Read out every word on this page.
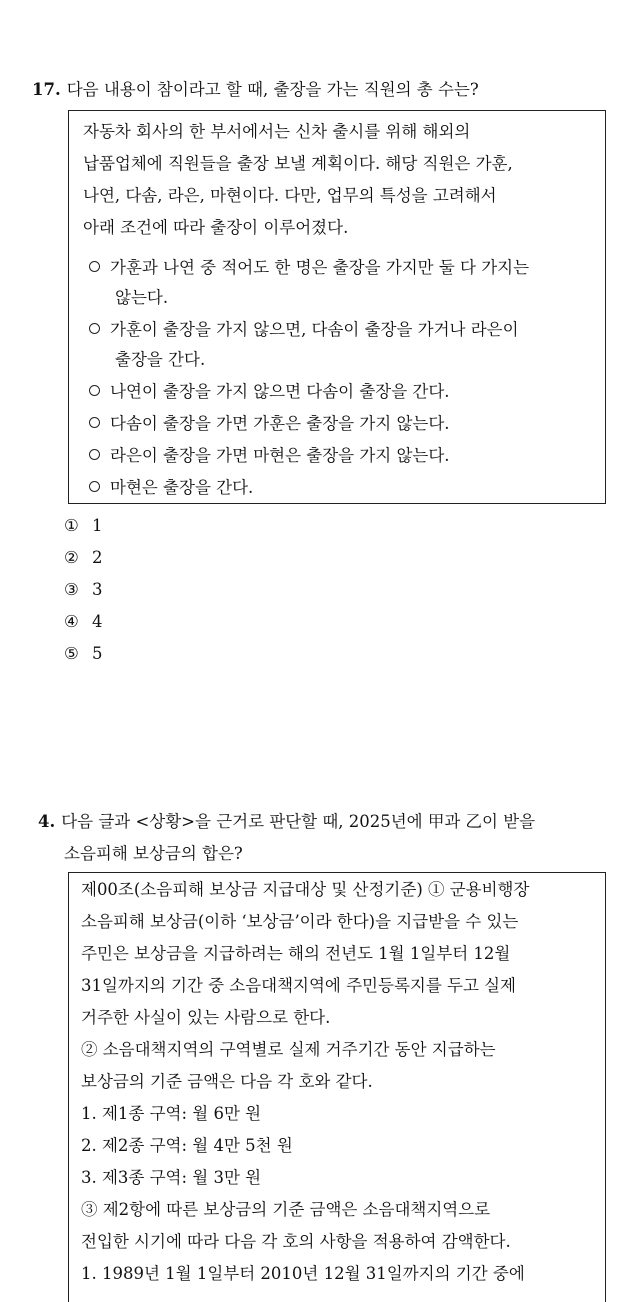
17. 다음 내용이 참이라고 할 때, 출장을 가는 직원의 총 수는?
자동차 회사의 한 부서에서는 신차 출시를 위해 해외의
납품업체에 직원들을 출장 보낼 계획이다. 해당 직원은 가훈,
나연, 다솜, 라은, 마현이다. 다만, 업무의 특성을 고려해서
아래 조건에 따라 출장이 이루어졌다.
가훈과 나연 중 적어도 한 명은 출장을 가지만 둘 다 가지는
않는다.
가훈이 출장을 가지 않으면, 다솜이 출장을 가거나 라은이
출장을 간다.
나연이 출장을 가지 않으면 다솜이 출장을 간다.
다솜이 출장을 가면 가훈은 출장을 가지 않는다.
라은이 출장을 가면 마현은 출장을 가지 않는다.
마현은 출장을 간다.
① 1
② 2
③ 3
④ 4
⑤ 5
4. 다음 글과 <상황>을 근거로 판단할 때, 2025년에 甲과 乙이 받을
소음피해 보상금의 합은?
제00조(소음피해 보상금 지급대상 및 산정기준) ① 군용비행장
소음피해 보상금(이하 ‘보상금’이라 한다)을 지급받을 수 있는
주민은 보상금을 지급하려는 해의 전년도 1월 1일부터 12월
31일까지의 기간 중 소음대책지역에 주민등록지를 두고 실제
거주한 사실이 있는 사람으로 한다.
② 소음대책지역의 구역별로 실제 거주기간 동안 지급하는
보상금의 기준 금액은 다음 각 호와 같다.
1. 제1종 구역: 월 6만 원
2. 제2종 구역: 월 4만 5천 원
3. 제3종 구역: 월 3만 원
③ 제2항에 따른 보상금의 기준 금액은 소음대책지역으로
전입한 시기에 따라 다음 각 호의 사항을 적용하여 감액한다.
1. 1989년 1월 1일부터 2010년 12월 31일까지의 기간 중에
